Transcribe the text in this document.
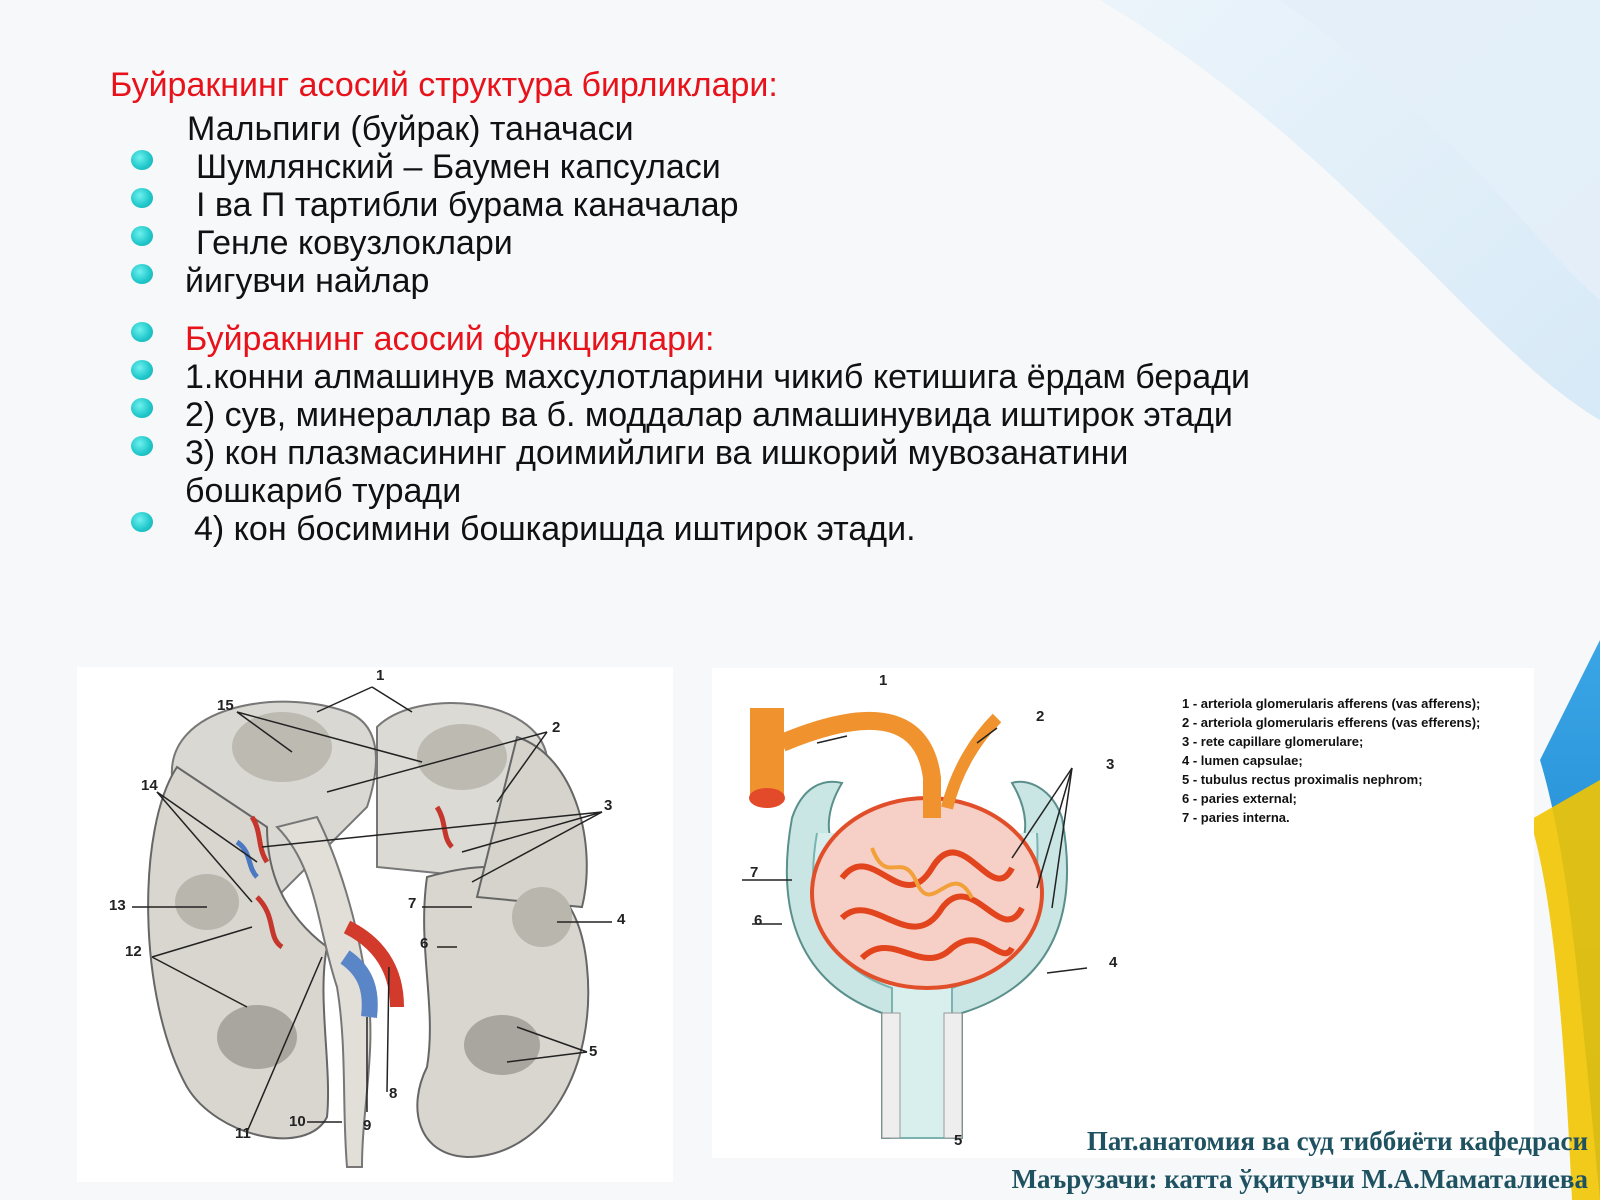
Буйракнинг асосий структура бирликлари:
Мальпиги (буйрак) таначаси
Шумлянский – Баумен капсуласи
I ва П тартибли бурама каначалар
Генле ковузлоклари
йигувчи найлар
Буйракнинг асосий функциялари:
1.конни алмашинув махсулотларини чикиб кетишига ёрдам беради
2) сув, минераллар ва б. моддалар алмашинувида иштирок этади
3) кон плазмасининг доимийлиги ва ишкорий мувозанатини
бошкариб туради
4) кон босимини бошкаришда иштирок этади.
1
15
2
3
14
13
12
7
6
4
5
8
9
10
11
1
2
3
7
6
4
5
1 - arteriola glomerularis afferens (vas afferens);
2 - arteriola glomerularis efferens (vas efferens);
3 - rete capillare glomerulare;
4 - lumen capsulae;
5 - tubulus rectus proximalis nephrom;
6 - paries external;
7 - paries interna.
Пат.анатомия ва суд тиббиёти кафедраси
Маърузачи: катта ўқитувчи М.А.Маматалиева
